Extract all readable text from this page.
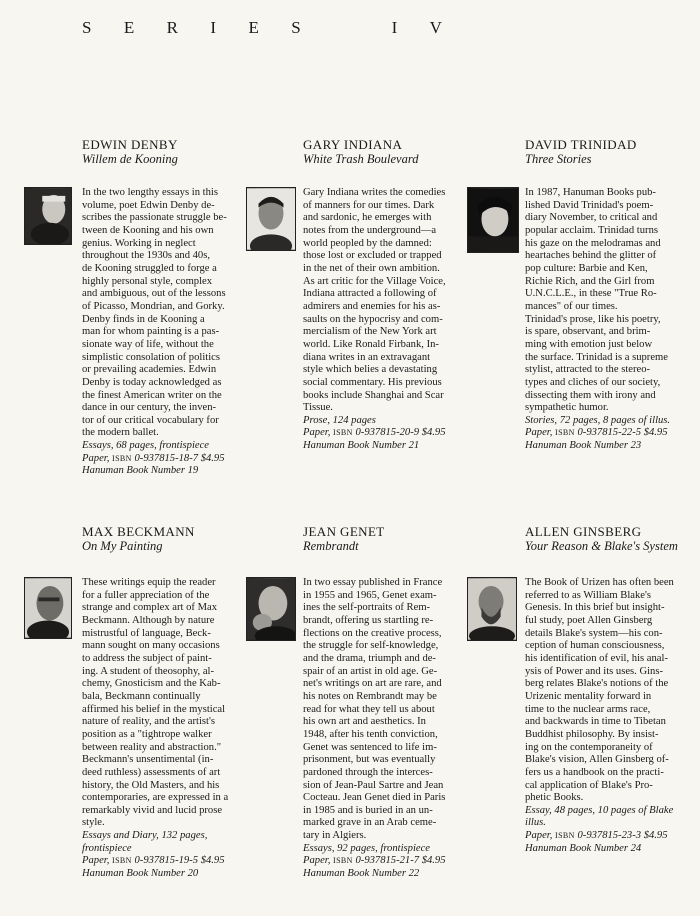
S E R I E S	I V
EDWIN DENBY
Willem de Kooning

In the two lengthy essays in this

volume, poet Edwin Denby de-

scribes the passionate struggle be-

tween de Kooning and his own

genius. Working in neglect

throughout the 1930s and 40s,

de Kooning struggled to forge a

highly personal style, complex

and ambiguous, out of the lessons

of Picasso, Mondrian, and Gorky.

Denby finds in de Kooning a

man for whom painting is a pas-

sionate way of life, without the

simplistic consolation of politics

or prevailing academies. Edwin

Denby is today acknowledged as

the finest American writer on the

dance in our century, the inven-

tor of our critical vocabulary for

the modern ballet.

Essays, 68 pages, frontispiece

Paper, ISBN 0-937815-18-7 $4.95

Hanuman Book Number 19

GARY INDIANA
White Trash Boulevard

Gary Indiana writes the comedies

of manners for our times. Dark

and sardonic, he emerges with

notes from the underground—a

world peopled by the damned:

those lost or excluded or trapped

in the net of their own ambition.

As art critic for the Village Voice,

Indiana attracted a following of

admirers and enemies for his as-

saults on the hypocrisy and com-

mercialism of the New York art

world. Like Ronald Firbank, In-

diana writes in an extravagant

style which belies a devastating

social commentary. His previous

books include Shanghai and Scar

Tissue.

Prose, 124 pages

Paper, ISBN 0-937815-20-9 $4.95

Hanuman Book Number 21

DAVID TRINIDAD
Three Stories

In 1987, Hanuman Books pub-

lished David Trinidad's poem-

diary November, to critical and

popular acclaim. Trinidad turns

his gaze on the melodramas and

heartaches behind the glitter of

pop culture: Barbie and Ken,

Richie Rich, and the Girl from

U.N.C.L.E., in these "True Ro-

mances" of our times.

Trinidad's prose, like his poetry,

is spare, observant, and brim-

ming with emotion just below

the surface. Trinidad is a supreme

stylist, attracted to the stereo-

types and cliches of our society,

dissecting them with irony and

sympathetic humor.

Stories, 72 pages, 8 pages of illus.

Paper, ISBN 0-937815-22-5 $4.95

Hanuman Book Number 23

MAX BECKMANN
On My Painting

These writings equip the reader

for a fuller appreciation of the

strange and complex art of Max

Beckmann. Although by nature

mistrustful of language, Beck-

mann sought on many occasions

to address the subject of paint-

ing. A student of theosophy, al-

chemy, Gnosticism and the Kab-

bala, Beckmann continually

affirmed his belief in the mystical

nature of reality, and the artist's

position as a "tightrope walker

between reality and abstraction."

Beckmann's unsentimental (in-

deed ruthless) assessments of art

history, the Old Masters, and his

contemporaries, are expressed in a

remarkably vivid and lucid prose

style.

Essays and Diary, 132 pages,

frontispiece

Paper, ISBN 0-937815-19-5 $4.95

Hanuman Book Number 20

JEAN GENET
Rembrandt

In two essay published in France

in 1955 and 1965, Genet exam-

ines the self-portraits of Rem-

brandt, offering us startling re-

flections on the creative process,

the struggle for self-knowledge,

and the drama, triumph and de-

spair of an artist in old age. Ge-

net's writings on art are rare, and

his notes on Rembrandt may be

read for what they tell us about

his own art and aesthetics. In

1948, after his tenth conviction,

Genet was sentenced to life im-

prisonment, but was eventually

pardoned through the interces-

sion of Jean-Paul Sartre and Jean

Cocteau. Jean Genet died in Paris

in 1985 and is buried in an un-

marked grave in an Arab ceme-

tary in Algiers.

Essays, 92 pages, frontispiece

Paper, ISBN 0-937815-21-7 $4.95

Hanuman Book Number 22

ALLEN GINSBERG
Your Reason & Blake's System

The Book of Urizen has often been

referred to as William Blake's

Genesis. In this brief but insight-

ful study, poet Allen Ginsberg

details Blake's system—his con-

ception of human consciousness,

his identification of evil, his anal-

ysis of Power and its uses. Gins-

berg relates Blake's notions of the

Urizenic mentality forward in

time to the nuclear arms race,

and backwards in time to Tibetan

Buddhist philosophy. By insist-

ing on the contemporaneity of

Blake's vision, Allen Ginsberg of-

fers us a handbook on the practi-

cal application of Blake's Pro-

phetic Books.

Essay, 48 pages, 10 pages of Blake

illus.

Paper, ISBN 0-937815-23-3 $4.95

Hanuman Book Number 24
